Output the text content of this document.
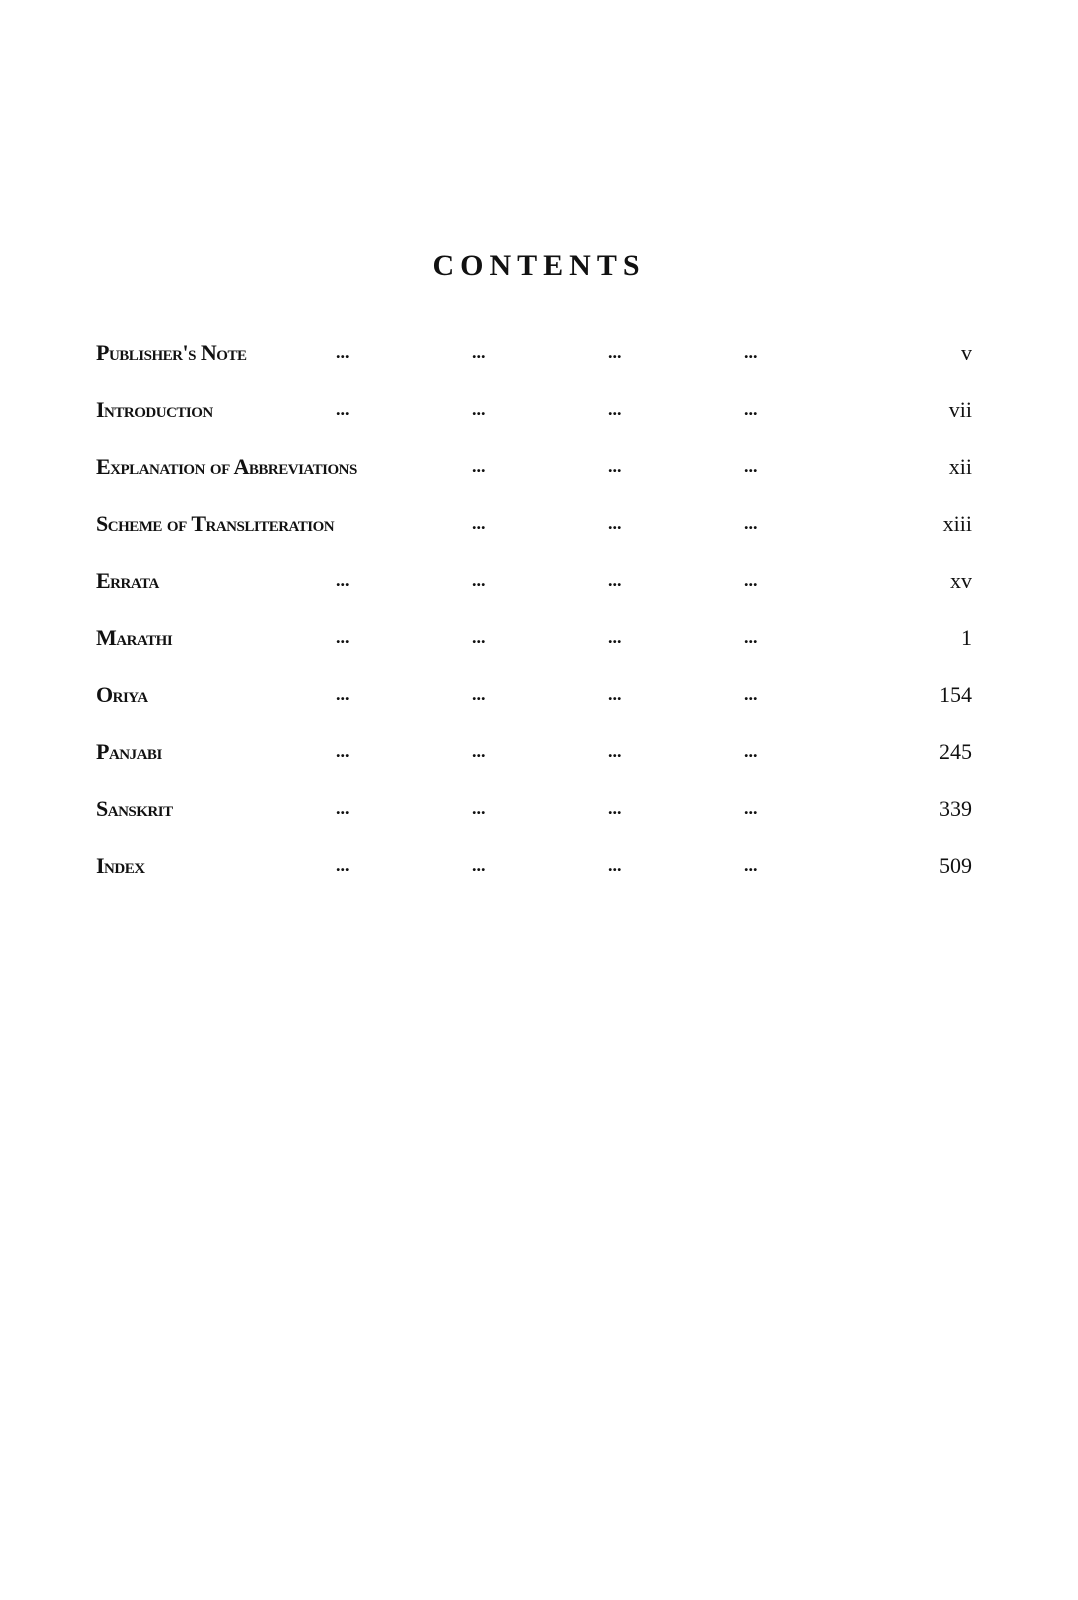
CONTENTS
Publisher's Note	...	...	...	...	v
Introduction	...	...	...	...	vii
Explanation of Abbreviations	...	...	...	xii
Scheme of Transliteration	...	...	...	xiii
Errata	...	...	...	...	xv
Marathi	...	...	...	...	1
Oriya	...	...	...	...	154
Panjabi	...	...	...	...	245
Sanskrit	...	...	...	...	339
Index	...	...	...	...	509
